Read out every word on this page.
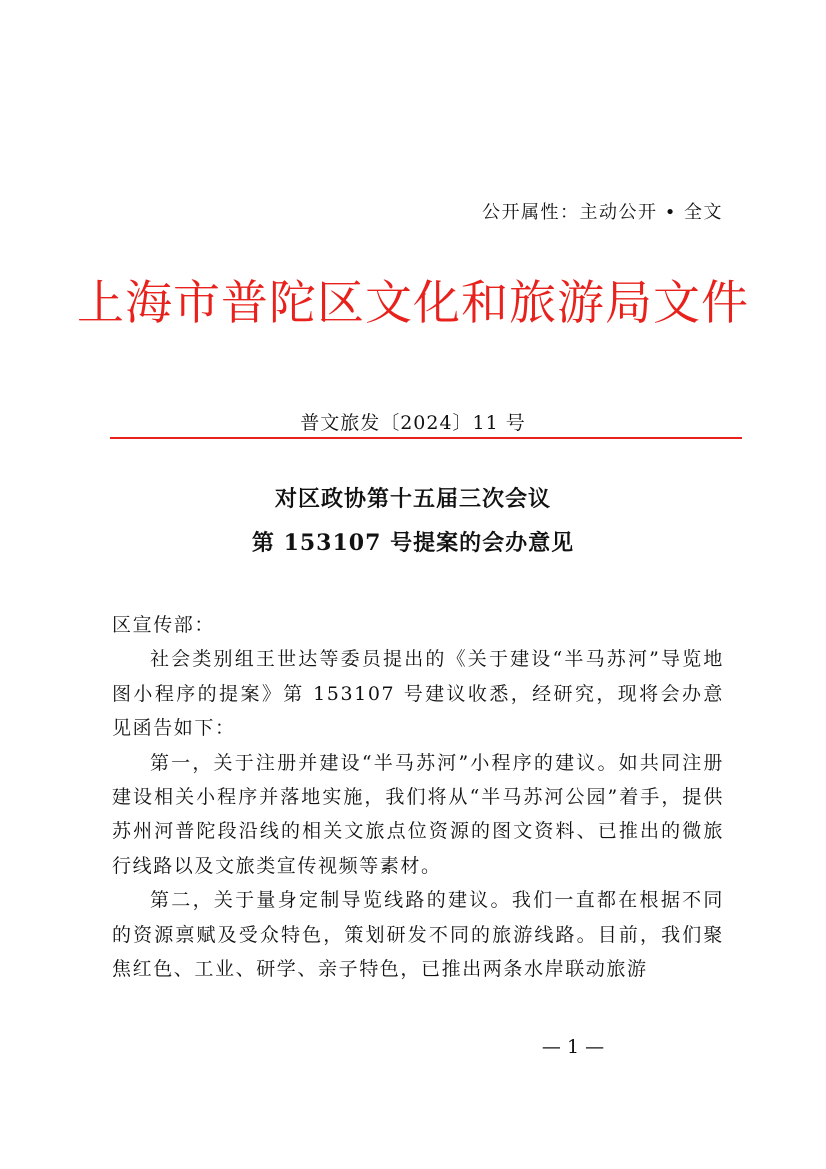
公开属性：主动公开 • 全文
上海市普陀区文化和旅游局文件
普文旅发〔2024〕11 号
对区政协第十五届三次会议
第 153107 号提案的会办意见

区宣传部：

社会类别组王世达等委员提出的《关于建设“半马苏河”导览地图小程序的提案》第 153107 号建议收悉，经研究，现将会办意见函告如下：

第一，关于注册并建设“半马苏河”小程序的建议。如共同注册建设相关小程序并落地实施，我们将从“半马苏河公园”着手，提供苏州河普陀段沿线的相关文旅点位资源的图文资料、已推出的微旅行线路以及文旅类宣传视频等素材。

第二，关于量身定制导览线路的建议。我们一直都在根据不同的资源禀赋及受众特色，策划研发不同的旅游线路。目前，我们聚焦红色、工业、研学、亲子特色，已推出两条水岸联动旅游

— 1 —
